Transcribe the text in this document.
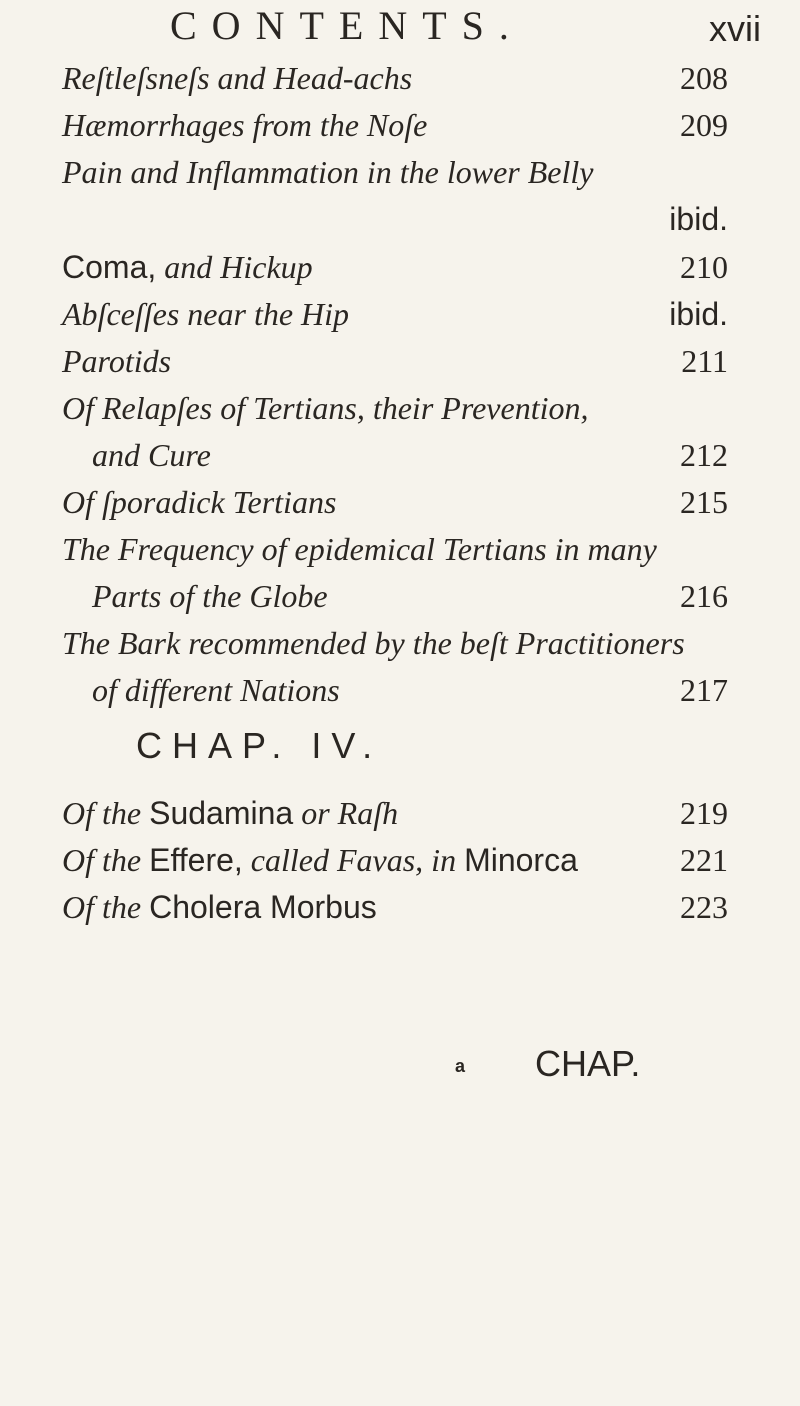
CONTENTS.	xvii
Reſtleſsneſs and Head-achs	208
Hæmorrhages from the Noſe	209
Pain and Inflammation in the lower Belly
ibid.
Coma, and Hickup	210
Abſceſſes near the Hip	ibid.
Parotids	211
Of Relapſes of Tertians, their Prevention,
and Cure	212
Of ſporadick Tertians	215
The Frequency of epidemical Tertians in many
Parts of the Globe	216
The Bark recommended by the beſt Practitioners
of different Nations	217
CHAP. IV.
Of the Sudamina or Raſh	219
Of the Effere, called Favas, in Minorca	221
Of the Cholera Morbus	223
a CHAP.
